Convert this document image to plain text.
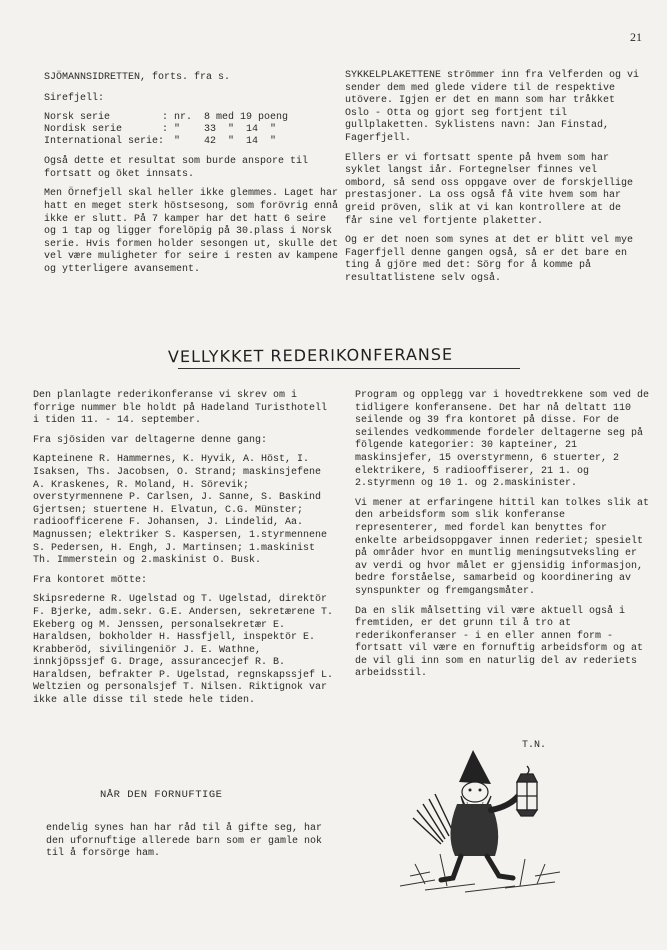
21

SJÖMANNSIDRETTEN, forts. fra s.

Sirefjell:

Norsk serie	:	nr.  8 med 19 poeng
Nordisk serie	:	"    33  "  14  "
International serie:		"    42  "  14  "

Også dette et resultat som burde anspore til fortsatt og öket innsats.

Men Örnefjell skal heller ikke glemmes. Laget har hatt en meget sterk höstsesong, som forövrig ennå ikke er slutt. På 7 kamper har det hatt 6 seire og 1 tap og ligger forelöpig på 30.plass i Norsk serie. Hvis formen holder sesongen ut, skulle det vel være muligheter for seire i resten av kampene og ytterligere avansement.

SYKKELPLAKETTENE strömmer inn fra Velferden og vi sender dem med glede videre til de respektive utövere. Igjen er det en mann som har tråkket Oslo - Otta og gjort seg fortjent til gullplaketten. Syklistens navn: Jan Finstad, Fagerfjell.

Ellers er vi fortsatt spente på hvem som har syklet langst iår. Fortegnelser finnes vel ombord, så send oss oppgave over de forskjellige prestasjoner. La oss også få vite hvem som har greid pröven, slik at vi kan kontrollere at de får sine vel fortjente plaketter.

Og er det noen som synes at det er blitt vel mye Fagerfjell denne gangen også, så er det bare en ting å gjöre med det: Sörg for å komme på resultatlistene selv også.

VELLYKKET REDERIKONFERANSE

Den planlagte rederikonferanse vi skrev om i forrige nummer ble holdt på Hadeland Turisthotell i tiden 11. - 14. september.

Fra sjösiden var deltagerne denne gang:

Kapteinene R. Hammernes, K. Hyvik, A. Höst, I. Isaksen, Ths. Jacobsen, O. Strand; maskinsjefene A. Kraskenes, R. Moland, H. Sörevik; overstyrmennene P. Carlsen, J. Sanne, S. Baskind Gjertsen; stuertene H. Elvatun, C.G. Münster; radioofficerene F. Johansen, J. Lindelid, Aa. Magnussen; elektriker S. Kaspersen, 1.styrmennene S. Pedersen, H. Engh, J. Martinsen; 1.maskinist Th. Immerstein og 2.maskinist O. Busk.

Fra kontoret mötte:

Skipsrederne R. Ugelstad og T. Ugelstad, direktör F. Bjerke, adm.sekr. G.E. Andersen, sekretærene T. Ekeberg og M. Jenssen, personalsekretær E. Haraldsen, bokholder H. Hassfjell, inspektör E. Krabberöd, sivilingeniör J. E. Wathne, innkjöpssjef G. Drage, assuranceсjef R. B. Haraldsen, befrakter P. Ugelstad, regnskapssjef L. Weltzien og personalsjef T. Nilsen. Riktignok var ikke alle disse til stede hele tiden.

Program og opplegg var i hovedtrekkene som ved de tidligere konferansene. Det har nå deltatt 110 seilende og 39 fra kontoret på disse. For de seilendes vedkommende fordeler deltagerne seg på fölgende kategorier: 30 kapteiner, 21 maskinsjefer, 15 overstyrmenn, 6 stuerter, 2 elektrikere, 5 radiooffiserer, 21 1. og 2.styrmenn og 10 1. og 2.maskinister.

Vi mener at erfaringene hittil kan tolkes slik at den arbeidsform som slik konferanse representerer, med fordel kan benyttes for enkelte arbeidsoppgaver innen rederiet; spesielt på områder hvor en muntlig meningsutveksling er av verdi og hvor målet er gjensidig informasjon, bedre forståelse, samarbeid og koordinering av synspunkter og fremgangsmåter.

Da en slik målsetting vil være aktuell også i fremtiden, er det grunn til å tro at rederikonferanser - i en eller annen form - fortsatt vil være en fornuftig arbeidsform og at de vil gli inn som en naturlig del av rederiets arbeidsstil.

T.N.
NÅR DEN FORNUFTIGE
endelig synes han har råd til å gifte seg, har den ufornuftige allerede barn som er gamle nok til å forsörge ham.
